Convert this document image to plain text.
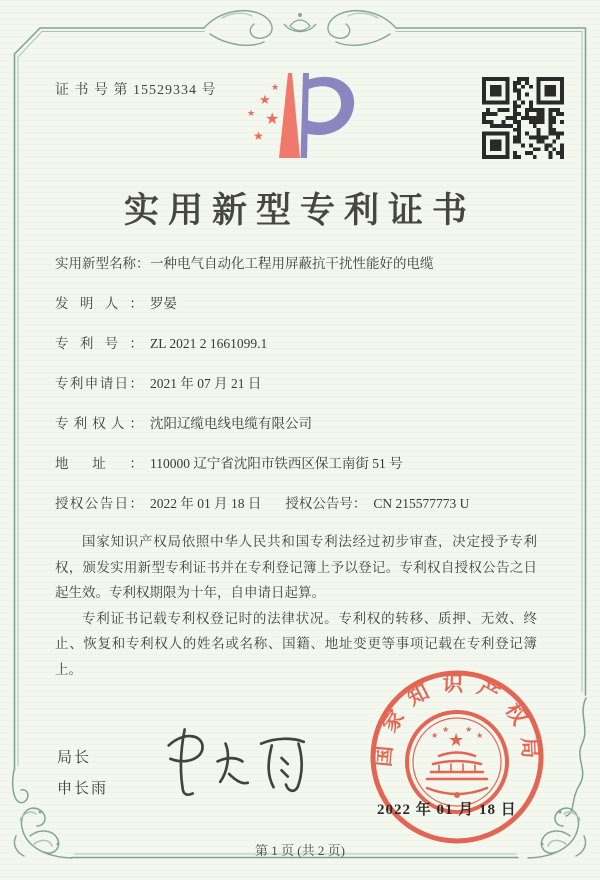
证 书 号 第 15529334 号	★
★
★ ★
★
实用新型专利证书
实用新型名称：一种电气自动化工程用屏蔽抗干扰性能好的电缆
发明人： 罗晏
专利号： ZL 2021 2 1661099.1
专利申请日： 2021 年 07 月 21 日
专利权人： 沈阳辽缆电线电缆有限公司
地址： 110000 辽宁省沈阳市铁西区保工南街 51 号
授权公告日： 2022 年 01 月 18 日 授权公告号： CN 215577773 U

国家知识产权局依照中华人民共和国专利法经过初步审查，决定授予专利权，颁发实用新型专利证书并在专利登记簿上予以登记。专利权自授权公告之日起生效。专利权期限为十年，自申请日起算。

专利证书记载专利权登记时的法律状况。专利权的转移、质押、无效、终止、恢复和专利权人的姓名或名称、国籍、地址变更等事项记载在专利登记簿上。

局长
申长雨
国家知识产权局
★
★
★ ★
★
2022 年 01 月 18 日
第 1 页 (共 2 页)
